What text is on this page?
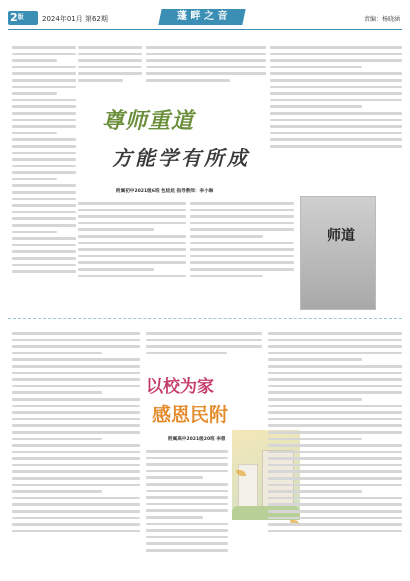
$2^版$	2024年01月 第62期	蓬 畔 之 音	责编：杨晓涵
尊师重道
方能学有所成
附属初中2021级6班 包炫炫 指导教师：李小琳
师道
以校为家
感恩民附
附属高中2021级20班 李想
